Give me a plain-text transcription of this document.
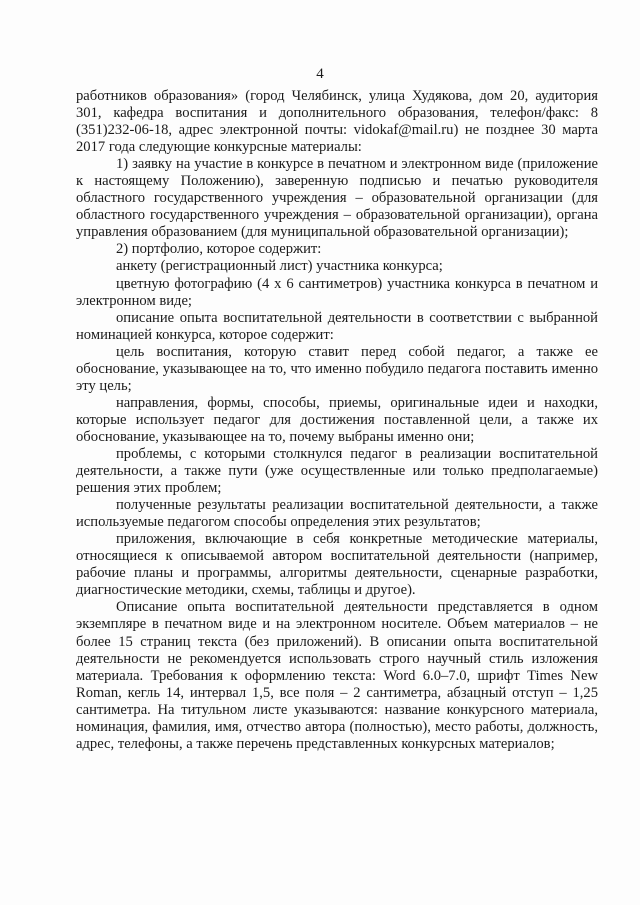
4

работников образования» (город Челябинск, улица Худякова, дом 20, аудитория 301, кафедра воспитания и дополнительного образования, телефон/факс: 8 (351)232-06-18, адрес электронной почты: vidokaf@mail.ru) не позднее 30 марта 2017 года следующие конкурсные материалы:

1) заявку на участие в конкурсе в печатном и электронном виде (приложение к настоящему Положению), заверенную подписью и печатью руководителя областного государственного учреждения – образовательной организации (для областного государственного учреждения – образовательной организации), органа управления образованием (для муниципальной образовательной организации);

2) портфолио, которое содержит:

анкету (регистрационный лист) участника конкурса;

цветную фотографию (4 х 6 сантиметров) участника конкурса в печатном и электронном виде;

описание опыта воспитательной деятельности в соответствии с выбранной номинацией конкурса, которое содержит:

цель воспитания, которую ставит перед собой педагог, а также ее обоснование, указывающее на то, что именно побудило педагога поставить именно эту цель;

направления, формы, способы, приемы, оригинальные идеи и находки, которые использует педагог для достижения поставленной цели, а также их обоснование, указывающее на то, почему выбраны именно они;

проблемы, с которыми столкнулся педагог в реализации воспитательной деятельности, а также пути (уже осуществленные или только предполагаемые) решения этих проблем;

полученные результаты реализации воспитательной деятельности, а также используемые педагогом способы определения этих результатов;

приложения, включающие в себя конкретные методические материалы, относящиеся к описываемой автором воспитательной деятельности (например, рабочие планы и программы, алгоритмы деятельности, сценарные разработки, диагностические методики, схемы, таблицы и другое).

Описание опыта воспитательной деятельности представляется в одном экземпляре в печатном виде и на электронном носителе. Объем материалов – не более 15 страниц текста (без приложений). В описании опыта воспитательной деятельности не рекомендуется использовать строго научный стиль изложения материала. Требования к оформлению текста: Word 6.0–7.0, шрифт Times New Roman, кегль 14, интервал 1,5, все поля – 2 сантиметра, абзацный отступ – 1,25 сантиметра. На титульном листе указываются: название конкурсного материала, номинация, фамилия, имя, отчество автора (полностью), место работы, должность, адрес, телефоны, а также перечень представленных конкурсных материалов;
